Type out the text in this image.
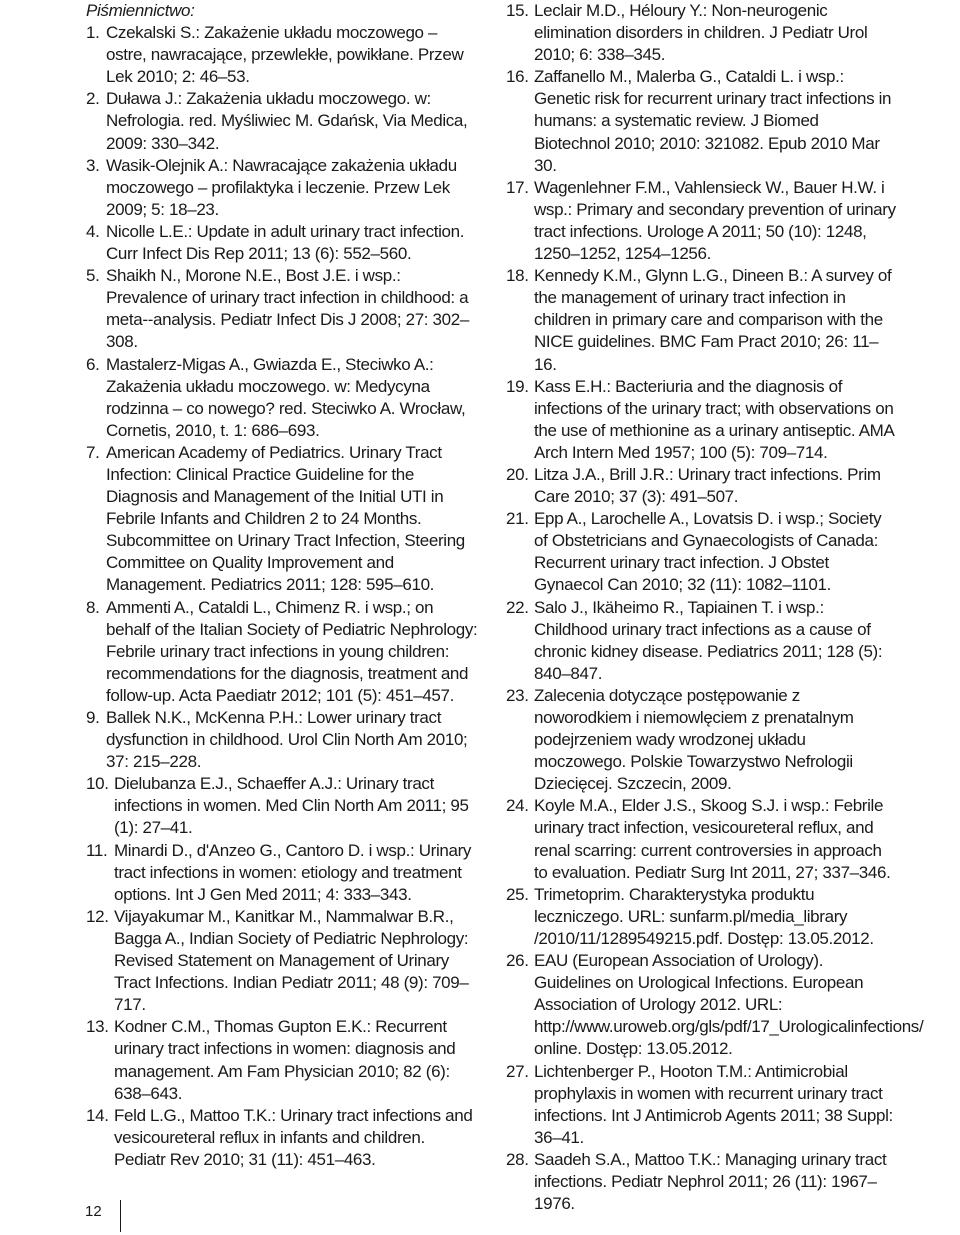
Piśmiennictwo:

1. Czekalski S.: Zakażenie układu moczowego – ostre, nawracające, przewlekłe, powikłane. Przew Lek 2010; 2: 46–53.
2. Duława J.: Zakażenia układu moczowego. w: Nefrologia. red. Myśliwiec M. Gdańsk, Via Medica, 2009: 330–342.
3. Wasik-Olejnik A.: Nawracające zakażenia układu moczowego – profilaktyka i leczenie. Przew Lek 2009; 5: 18–23.
4. Nicolle L.E.: Update in adult urinary tract infection. Curr Infect Dis Rep 2011; 13 (6): 552–560.
5. Shaikh N., Morone N.E., Bost J.E. i wsp.: Prevalence of urinary tract infection in childhood: a meta--analysis. Pediatr Infect Dis J 2008; 27: 302–308.
6. Mastalerz-Migas A., Gwiazda E., Steciwko A.: Zakażenia układu moczowego. w: Medycyna rodzinna – co nowego? red. Steciwko A. Wrocław, Cornetis, 2010, t. 1: 686–693.
7. American Academy of Pediatrics. Urinary Tract Infection: Clinical Practice Guideline for the Diagnosis and Management of the Initial UTI in Febrile Infants and Children 2 to 24 Months. Subcommittee on Urinary Tract Infection, Steering Committee on Quality Improvement and Management. Pediatrics 2011; 128: 595–610.
8. Ammenti A., Cataldi L., Chimenz R. i wsp.; on behalf of the Italian Society of Pediatric Nephrology: Febrile urinary tract infections in young children: recommendations for the diagnosis, treatment and follow-up. Acta Paediatr 2012; 101 (5): 451–457.
9. Ballek N.K., McKenna P.H.: Lower urinary tract dysfunction in childhood. Urol Clin North Am 2010; 37: 215–228.
10. Dielubanza E.J., Schaeffer A.J.: Urinary tract infections in women. Med Clin North Am 2011; 95 (1): 27–41.
11. Minardi D., d'Anzeo G., Cantoro D. i wsp.: Urinary tract infections in women: etiology and treatment options. Int J Gen Med 2011; 4: 333–343.
12. Vijayakumar M., Kanitkar M., Nammalwar B.R., Bagga A., Indian Society of Pediatric Nephrology: Revised Statement on Management of Urinary Tract Infections. Indian Pediatr 2011; 48 (9): 709–717.
13. Kodner C.M., Thomas Gupton E.K.: Recurrent urinary tract infections in women: diagnosis and management. Am Fam Physician 2010; 82 (6): 638–643.
14. Feld L.G., Mattoo T.K.: Urinary tract infections and vesicoureteral reflux in infants and children. Pediatr Rev 2010; 31 (11): 451–463.
15. Leclair M.D., Héloury Y.: Non-neurogenic elimination disorders in children. J Pediatr Urol 2010; 6: 338–345.
16. Zaffanello M., Malerba G., Cataldi L. i wsp.: Genetic risk for recurrent urinary tract infections in humans: a systematic review. J Biomed Biotechnol 2010; 2010: 321082. Epub 2010 Mar 30.
17. Wagenlehner F.M., Vahlensieck W., Bauer H.W. i wsp.: Primary and secondary prevention of urinary tract infections. Urologe A 2011; 50 (10): 1248, 1250–1252, 1254–1256.
18. Kennedy K.M., Glynn L.G., Dineen B.: A survey of the management of urinary tract infection in children in primary care and comparison with the NICE guidelines. BMC Fam Pract 2010; 26: 11–16.
19. Kass E.H.: Bacteriuria and the diagnosis of infections of the urinary tract; with observations on the use of methionine as a urinary antiseptic. AMA Arch Intern Med 1957; 100 (5): 709–714.
20. Litza J.A., Brill J.R.: Urinary tract infections. Prim Care 2010; 37 (3): 491–507.
21. Epp A., Larochelle A., Lovatsis D. i wsp.; Society of Obstetricians and Gynaecologists of Canada: Recurrent urinary tract infection. J Obstet Gynaecol Can 2010; 32 (11): 1082–1101.
22. Salo J., Ikäheimo R., Tapiainen T. i wsp.: Childhood urinary tract infections as a cause of chronic kidney disease. Pediatrics 2011; 128 (5): 840–847.
23. Zalecenia dotyczące postępowanie z noworodkiem i niemowlęciem z prenatalnym podejrzeniem wady wrodzonej układu moczowego. Polskie Towarzystwo Nefrologii Dziecięcej. Szczecin, 2009.
24. Koyle M.A., Elder J.S., Skoog S.J. i wsp.: Febrile urinary tract infection, vesicoureteral reflux, and renal scarring: current controversies in approach to evaluation. Pediatr Surg Int 2011, 27; 337–346.
25. Trimetoprim. Charakterystyka produktu leczniczego. URL: sunfarm.pl/media_library /2010/11/1289549215.pdf. Dostęp: 13.05.2012.
26. EAU (European Association of Urology). Guidelines on Urological Infections. European Association of Urology 2012. URL: http://www.uroweb.org/gls/pdf/17_Urologicalinfections/ online. Dostęp: 13.05.2012.
27. Lichtenberger P., Hooton T.M.: Antimicrobial prophylaxis in women with recurrent urinary tract infections. Int J Antimicrob Agents 2011; 38 Suppl: 36–41.
28. Saadeh S.A., Mattoo T.K.: Managing urinary tract infections. Pediatr Nephrol 2011; 26 (11): 1967–1976.
12
